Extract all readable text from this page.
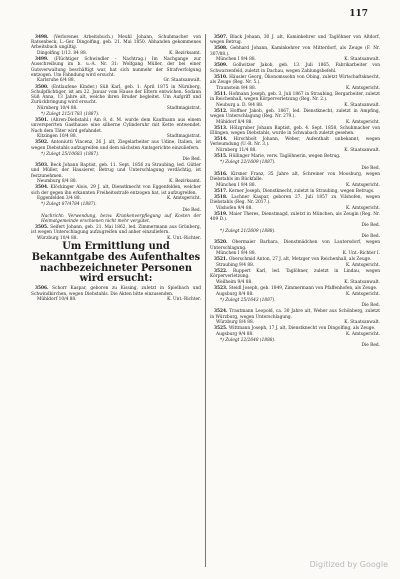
117

3498. (Verlorenes Arbeitsbuch.) Meuhl Johann, Schuhmacher von Ratsenbeck, L.-Ger. Dingolfing, geb. 21. Mai 1850. Abhanden gekommenes Arbeitsbuch ungiltig.

Dingolfing 1/12. 84 88.	K. Bezirksamt.

3499. (Flüchtiger Schwindler – Nachtrag.) Im Nachgange zur Ausschreibung im b. u.-A. Nr. 31: Wolfgang Müller, der bei einer Gutsverwaltung beschäftigt war, hat sich nunmehr der Strafverfolgung entzogen. Um Fahndung wird ersucht.

Karlsruhe 6/4 88.	Gr. Staatsanwalt.

3500. (Entlaufene Kinder.) Süß Karl, geb. 1. April 1875 in Nürnberg, Schulpflichtiger, ist am 22. Januar vom Hause der Eltern entwichen. Sodann Süß Anna, 13 Jahre alt, welche ihren Bruder begleitet. Um Aufgriff und Zurückbringung wird ersucht.

Nürnberg 10/4 88.	Stadtmagistrat.

*) Zulegt 215/1783 (1887).

3501. (Ahren-Diebstahl.) Am 8. d. M. wurde dem Kaufmann aus einem unversperrten Gasthause eine silberne Cylinderuhr mit Kette entwendet. Nach dem Täter wird gefahndet.

Kitzingen 10/4 88.	Stadtmagistrat.

3502. Antoniutti Vincenz, 26 J. alt, Ziegelarbeiter aus Udine, Italien, ist wegen Diebstahls aufzugreifen und dem nächsten Amtsgerichte einzuliefern.

*) Zulegt 25/10683 (1887).

Die Red.

3503. Beck Johann Baptist, geb. 11. Sept. 1856 zu Straubing, led. Gütler und Müller, der Hausierer, Betrug und Unterschlagung verdächtig, ist festzunehmen.

Neumburg 8/4 88.	K. Bezirksamt.

3504. Klöckinger Alois, 29 J. alt, Dienstknecht von Eggenfelden, welcher sich der gegen ihn erkannten Freiheitsstrafe entzogen hat, ist aufzugreifen.

Eggenfelden 3/4 88.	K. Amtsgericht.

*) Zulegt 87/4784 (1887).

Die Red.

Nachricht: Verwendung, bezw. Krankenverpflegung auf Kosten der Heimatgemeinde erschienen nicht mehr vergütet.

3505. Seifert Johann, geb. 21. Mai 1862, led. Zimmermann aus Grünberg, ist wegen Unterschlagung aufzugreifen und anher einzuliefern.

Würzburg 10/4 88.	K. Unt.-Richter.
Um Ermittlung und Bekanntgabe des Aufenthaltes nachbezeichneter Personen wird ersucht:

3506. Schorr Kaspar, geboren zu Kissing, zuletzt in Spielbach und Schwindkirchen, wegen Diebstahls. Die Akten bitte einzusenden.

Mühldorf 10/4 88.	K. Unt.-Richter.

3507. Black Johann, 30 J. alt, Kaminkehrer und Taglöhner von Altdorf, wegen Betrug.

3508. Gebhard Johann, Kaminkehrer von Mitterdorf, als Zeuge (F. Nr. 307/88.).

München I 9/4 88.	K. Staatsanwalt.

3509. Gollwitzer Jakob, geb. 13. Juli 1865, Fabrikarbeiter von Schwarzenfeld, zuletzt in Dachau, wegen Zahlungsbefehl.

3510. Häusler Georg, Ökonomssohn von Obing, zuletzt Wirtschaftsknecht, als Zeuge (Reg. Nr. 5.).

Traunstein 9/4 88.	K. Amtsgericht.

3511. Hofmann Joseph, geb. 3. Juli 1867 in Straubing, Bergarbeiter, zuletzt in Reichenhall, wegen Körperverletzung (Reg. Nr. 2.).

Neuburg a. D. 9/4 88.	K. Staatsanwalt.

3512. Hoffner Jakob, geb. 1867, led. Dienstknecht, zuletzt in Ampfing, wegen Unterschlagung (Reg. Nr. 279.).

Mühldorf 8/4 88.	K. Amtsgericht.

3513. Hölzgruber Johann Baptist, geb. 4. Sept. 1858, Schuhmacher von Ellingen, wegen Diebstahls, wurde in Schwabach zuletzt gesehen.

3514. Hirschbolt Johann, Weber, Aufenthalt unbekannt, wegen Verleumdung (U.-R. Nr. 3.).

Nürnberg 11/4 88.	K. Staatsanwalt.

3515. Hüllinger Marie, verw. Taglöhnerin, wegen Betrug.

*) Zulegt 22/1609 (1887).

Die Red.

3516. Kirsner Franz, 35 Jahre alt, Schreiner von Moosburg, wegen Diebstahls im Rückfalle.

München I 9/4 88.	K. Amtsgericht.

3517. Kerner Joseph, Dienstknecht, zuletzt in Straubing, wegen Betrugs.

3518. Lachner Kaspar, geboren 27. Juli 1857 zu Vilshofen, wegen Diebstahls (Reg. Nr. 2017.).

Vilshofen 9/4 88.	K. Amtsgericht.

3519. Maier Theres, Dienstmagd, zuletzt in München, als Zeugin (Reg. Nr. 409 D.).

Die Red.

*) Zulegt 21/2609 (1888).

Die Red.

3520. Obermaier Barbara, Dienstmädchen von Lautersdorf, wegen Unterschlagung.

München I 9/4 88.	K. Unt.-Richter I.

3521. Oberschmid Anton, 27 J. alt, Metzger von Reichenhall, als Zeuge.

Straubing 9/4 88.	K. Amtsgericht.

3522. Ruppert Karl, led. Taglöhner, zuletzt in Lindau, wegen Körperverletzung.

Weilheim 9/4 88.	K. Staatsanwalt.

3523. Steidl Joseph, geb. 1849, Zimmermann von Pfaffenhofen, als Zeuge.

Augsburg 8/4 88.	K. Amtsgericht.

*) Zulegt 25/1643 (1887).

Die Red.

3524. Trautmann Leopold, ca. 30 Jahre alt, Weber aus Schönberg, zuletzt in Würzburg, wegen Unterschlagung.

Würzburg 8/4 88.	K. Staatsanwalt.

3525. Wittmann Joseph, 17 J. alt, Dienstknecht von Dingolfing, als Zeuge.

Augsburg 9/4 88.	K. Amtsgericht.

*) Zulegt 22/2648 (1888).

Die Red.
Digitized by Google
